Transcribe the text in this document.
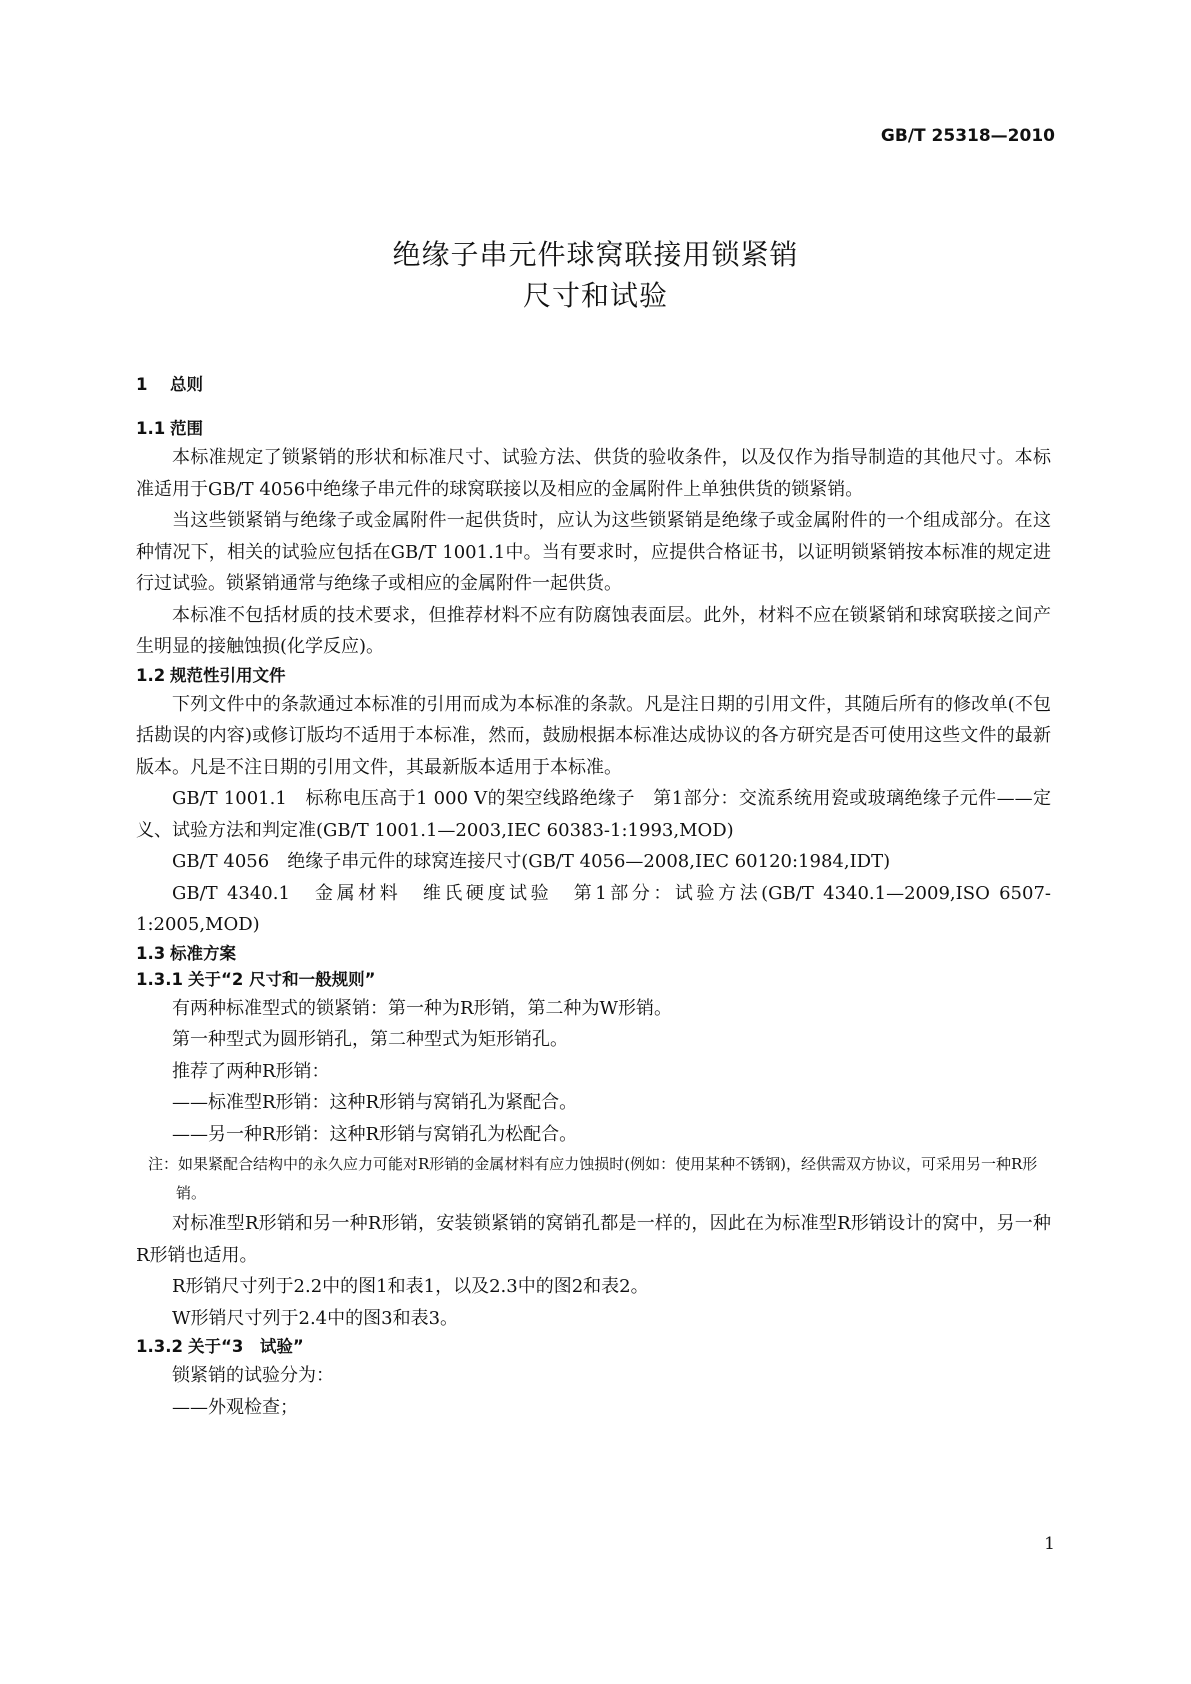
GB/T 25318—2010
绝缘子串元件球窝联接用锁紧销
尺寸和试验
1 总则
1.1 范围
本标准规定了锁紧销的形状和标准尺寸、试验方法、供货的验收条件，以及仅作为指导制造的其他尺寸。本标准适用于GB/T 4056中绝缘子串元件的球窝联接以及相应的金属附件上单独供货的锁紧销。
当这些锁紧销与绝缘子或金属附件一起供货时，应认为这些锁紧销是绝缘子或金属附件的一个组成部分。在这种情况下，相关的试验应包括在GB/T 1001.1中。当有要求时，应提供合格证书，以证明锁紧销按本标准的规定进行过试验。锁紧销通常与绝缘子或相应的金属附件一起供货。
本标准不包括材质的技术要求，但推荐材料不应有防腐蚀表面层。此外，材料不应在锁紧销和球窝联接之间产生明显的接触蚀损(化学反应)。
1.2 规范性引用文件
下列文件中的条款通过本标准的引用而成为本标准的条款。凡是注日期的引用文件，其随后所有的修改单(不包括勘误的内容)或修订版均不适用于本标准，然而，鼓励根据本标准达成协议的各方研究是否可使用这些文件的最新版本。凡是不注日期的引用文件，其最新版本适用于本标准。
GB/T 1001.1　标称电压高于1 000 V的架空线路绝缘子　第1部分：交流系统用瓷或玻璃绝缘子元件——定义、试验方法和判定准(GB/T 1001.1—2003,IEC 60383-1:1993,MOD)
GB/T 4056　绝缘子串元件的球窝连接尺寸(GB/T 4056—2008,IEC 60120:1984,IDT)
GB/T 4340.1　金属材料　维氏硬度试验　第1部分：试验方法(GB/T 4340.1—2009,ISO 6507-1:2005,MOD)
1.3 标准方案
1.3.1 关于“2 尺寸和一般规则”
有两种标准型式的锁紧销：第一种为R形销，第二种为W形销。
第一种型式为圆形销孔，第二种型式为矩形销孔。
推荐了两种R形销：
——标准型R形销：这种R形销与窝销孔为紧配合。
——另一种R形销：这种R形销与窝销孔为松配合。
注：如果紧配合结构中的永久应力可能对R形销的金属材料有应力蚀损时(例如：使用某种不锈钢)，经供需双方协议，可采用另一种R形销。
对标准型R形销和另一种R形销，安装锁紧销的窝销孔都是一样的，因此在为标准型R形销设计的窝中，另一种R形销也适用。
R形销尺寸列于2.2中的图1和表1，以及2.3中的图2和表2。
W形销尺寸列于2.4中的图3和表3。
1.3.2 关于“3　试验”
锁紧销的试验分为：
——外观检查；
1
